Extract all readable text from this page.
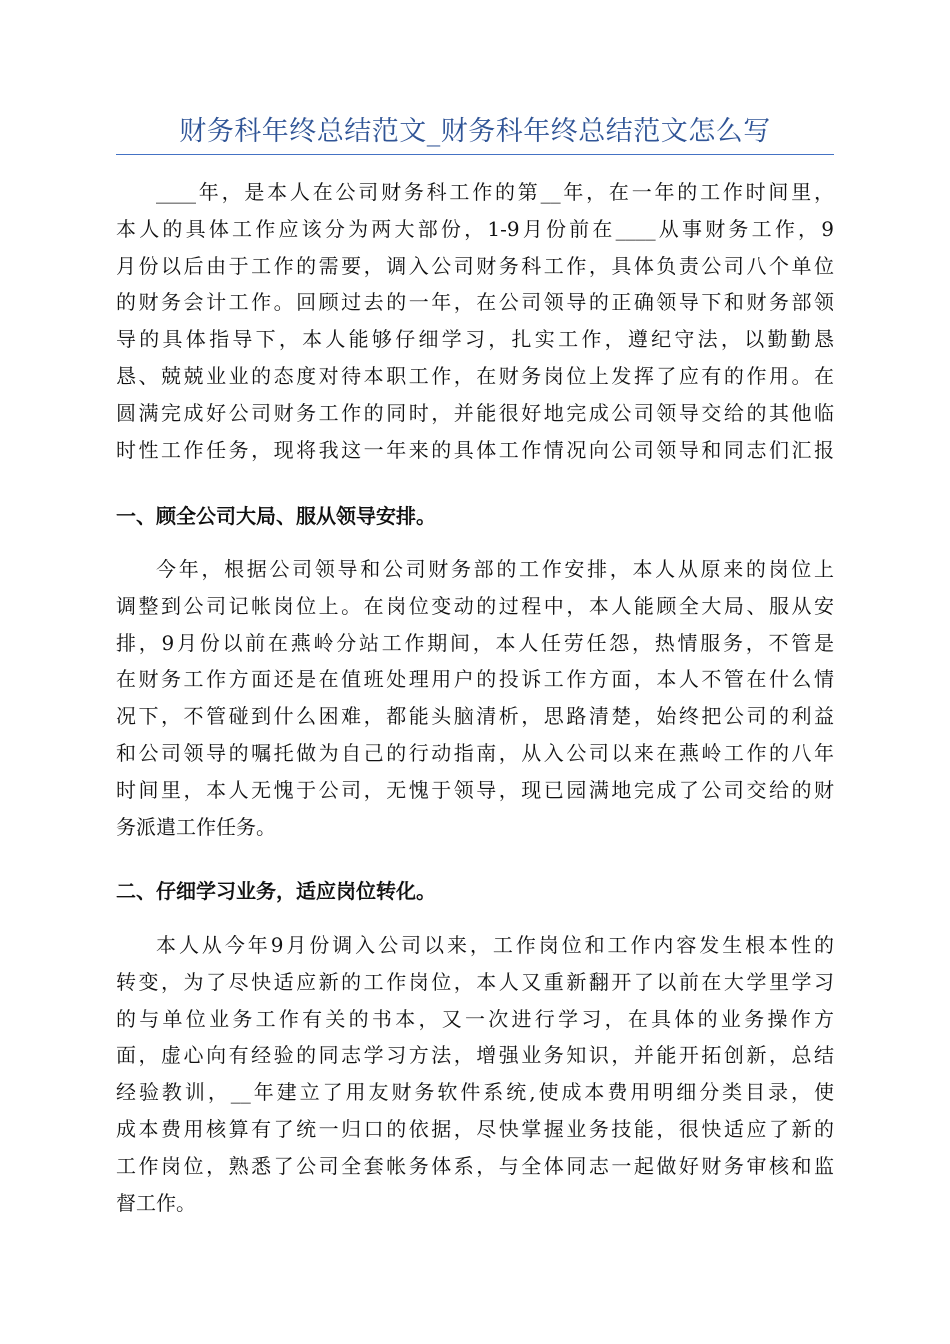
财务科年终总结范文_财务科年终总结范文怎么写
____年，是本人在公司财务科工作的第__年，在一年的工作时间里，
本人的具体工作应该分为两大部份，1-9月份前在____从事财务工作，9
月份以后由于工作的需要，调入公司财务科工作，具体负责公司八个单位
的财务会计工作。回顾过去的一年，在公司领导的正确领导下和财务部领
导的具体指导下，本人能够仔细学习，扎实工作，遵纪守法，以勤勤恳
恳、兢兢业业的态度对待本职工作，在财务岗位上发挥了应有的作用。在
圆满完成好公司财务工作的同时，并能很好地完成公司领导交给的其他临
时性工作任务，现将我这一年来的具体工作情况向公司领导和同志们汇报
一、顾全公司大局、服从领导安排。
今年，根据公司领导和公司财务部的工作安排，本人从原来的岗位上
调整到公司记帐岗位上。在岗位变动的过程中，本人能顾全大局、服从安
排，9月份以前在燕岭分站工作期间，本人任劳任怨，热情服务，不管是
在财务工作方面还是在值班处理用户的投诉工作方面，本人不管在什么情
况下，不管碰到什么困难，都能头脑清析，思路清楚，始终把公司的利益
和公司领导的嘱托做为自己的行动指南，从入公司以来在燕岭工作的八年
时间里，本人无愧于公司，无愧于领导，现已园满地完成了公司交给的财
务派遣工作任务。
二、仔细学习业务，适应岗位转化。
本人从今年9月份调入公司以来，工作岗位和工作内容发生根本性的
转变，为了尽快适应新的工作岗位，本人又重新翻开了以前在大学里学习
的与单位业务工作有关的书本，又一次进行学习，在具体的业务操作方
面，虚心向有经验的同志学习方法，增强业务知识，并能开拓创新，总结
经验教训，__年建立了用友财务软件系统,使成本费用明细分类目录，使
成本费用核算有了统一归口的依据，尽快掌握业务技能，很快适应了新的
工作岗位，熟悉了公司全套帐务体系，与全体同志一起做好财务审核和监
督工作。
